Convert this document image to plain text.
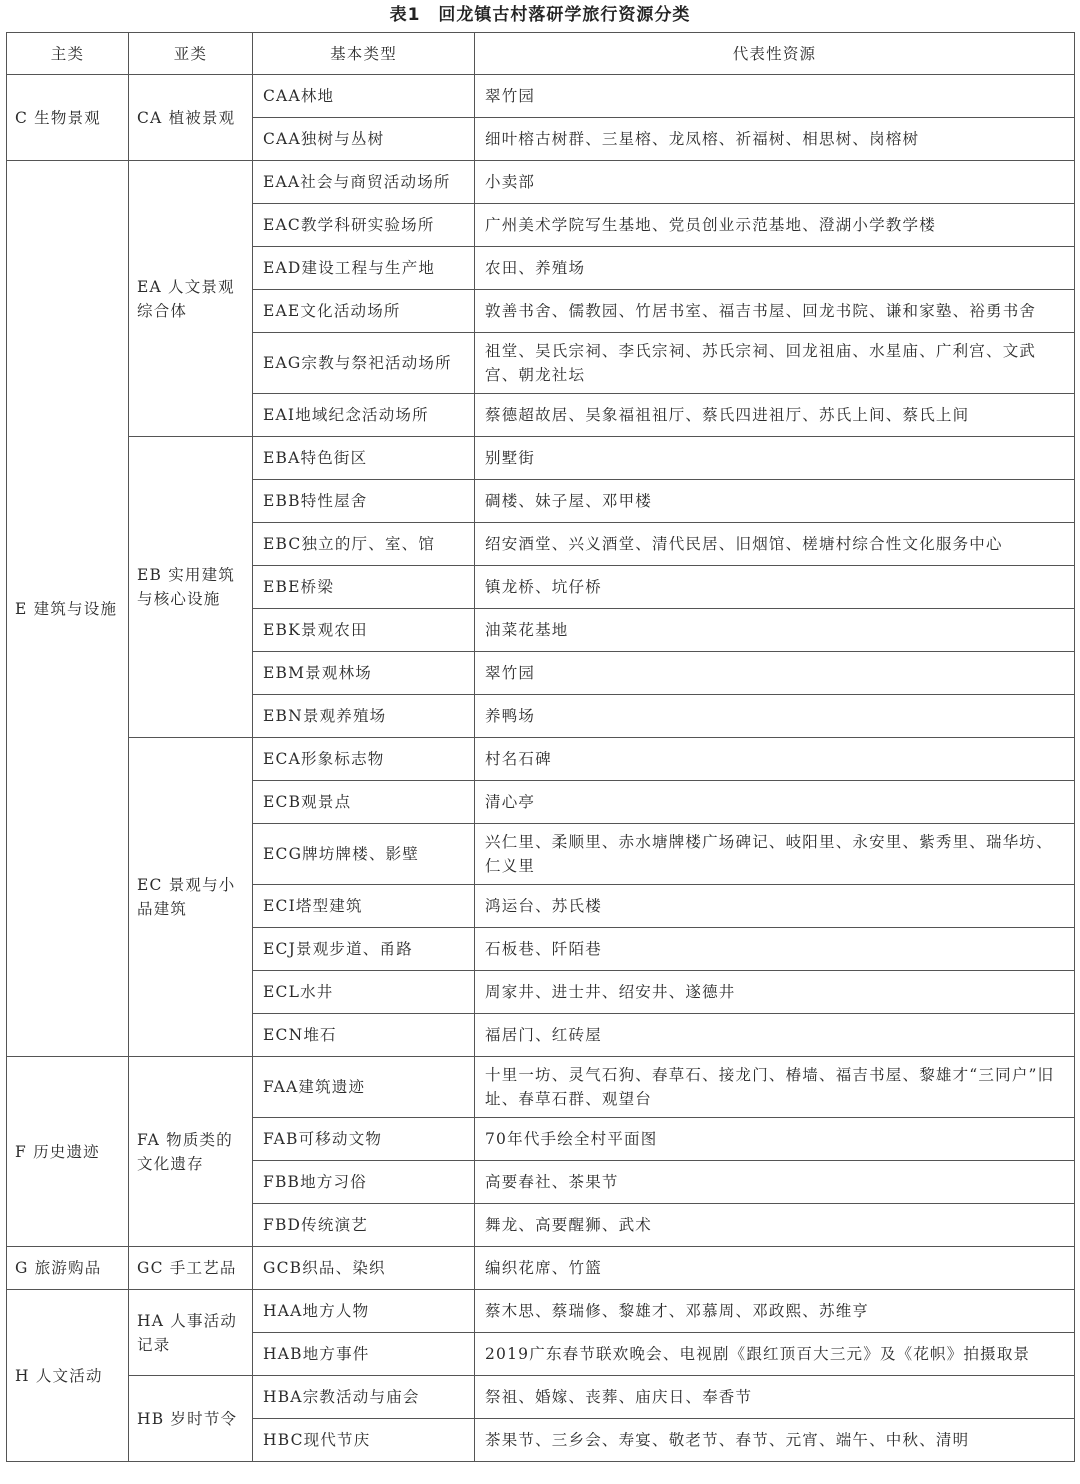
表1　回龙镇古村落研学旅行资源分类
主类	亚类	基本类型	代表性资源
C 生物景观	CA 植被景观	CAA林地	翠竹园

		CAA独树与丛树	细叶榕古树群、三星榕、龙凤榕、祈福树、相思树、岗榕树

E 建筑与设施	EA 人文景观综合体	EAA社会与商贸活动场所	小卖部

		EAC教学科研实验场所	广州美术学院写生基地、党员创业示范基地、澄湖小学教学楼

		EAD建设工程与生产地	农田、养殖场

		EAE文化活动场所	敦善书舍、儒教园、竹居书室、福吉书屋、回龙书院、谦和家塾、裕勇书舍

		EAG宗教与祭祀活动场所	祖堂、吴氏宗祠、李氏宗祠、苏氏宗祠、回龙祖庙、水星庙、广利宫、文武宫、朝龙社坛

		EAI地域纪念活动场所	蔡德超故居、吴象福祖祖厅、蔡氏四进祖厅、苏氏上间、蔡氏上间

	EB 实用建筑与核心设施	EBA特色街区	别墅街

		EBB特性屋舍	碉楼、妹子屋、邓甲楼

		EBC独立的厅、室、馆	绍安酒堂、兴义酒堂、清代民居、旧烟馆、槎塘村综合性文化服务中心

		EBE桥梁	镇龙桥、坑仔桥

		EBK景观农田	油菜花基地

		EBM景观林场	翠竹园

		EBN景观养殖场	养鸭场

	EC 景观与小品建筑	ECA形象标志物	村名石碑

		ECB观景点	清心亭

		ECG牌坊牌楼、影壁	兴仁里、柔顺里、赤水塘牌楼广场碑记、岐阳里、永安里、紫秀里、瑞华坊、仁义里

		ECI塔型建筑	鸿运台、苏氏楼

		ECJ景观步道、甬路	石板巷、阡陌巷

		ECL水井	周家井、进士井、绍安井、遂德井

		ECN堆石	福居门、红砖屋

F 历史遗迹	FA 物质类的文化遗存	FAA建筑遗迹	十里一坊、灵气石狗、春草石、接龙门、椿墙、福吉书屋、黎雄才“三同户”旧址、春草石群、观望台

		FAB可移动文物	70年代手绘全村平面图

		FBB地方习俗	高要春社、茶果节

		FBD传统演艺	舞龙、高要醒狮、武术

G 旅游购品	GC 手工艺品	GCB织品、染织	编织花席、竹篮

H 人文活动	HA 人事活动记录	HAA地方人物	蔡木思、蔡瑞修、黎雄才、邓慕周、邓政熙、苏维亨

		HAB地方事件	2019广东春节联欢晚会、电视剧《跟红顶百大三元》及《花帜》拍摄取景

	HB 岁时节令	HBA宗教活动与庙会	祭祖、婚嫁、丧葬、庙庆日、奉香节

		HBC现代节庆	茶果节、三乡会、寿宴、敬老节、春节、元宵、端午、中秋、清明
